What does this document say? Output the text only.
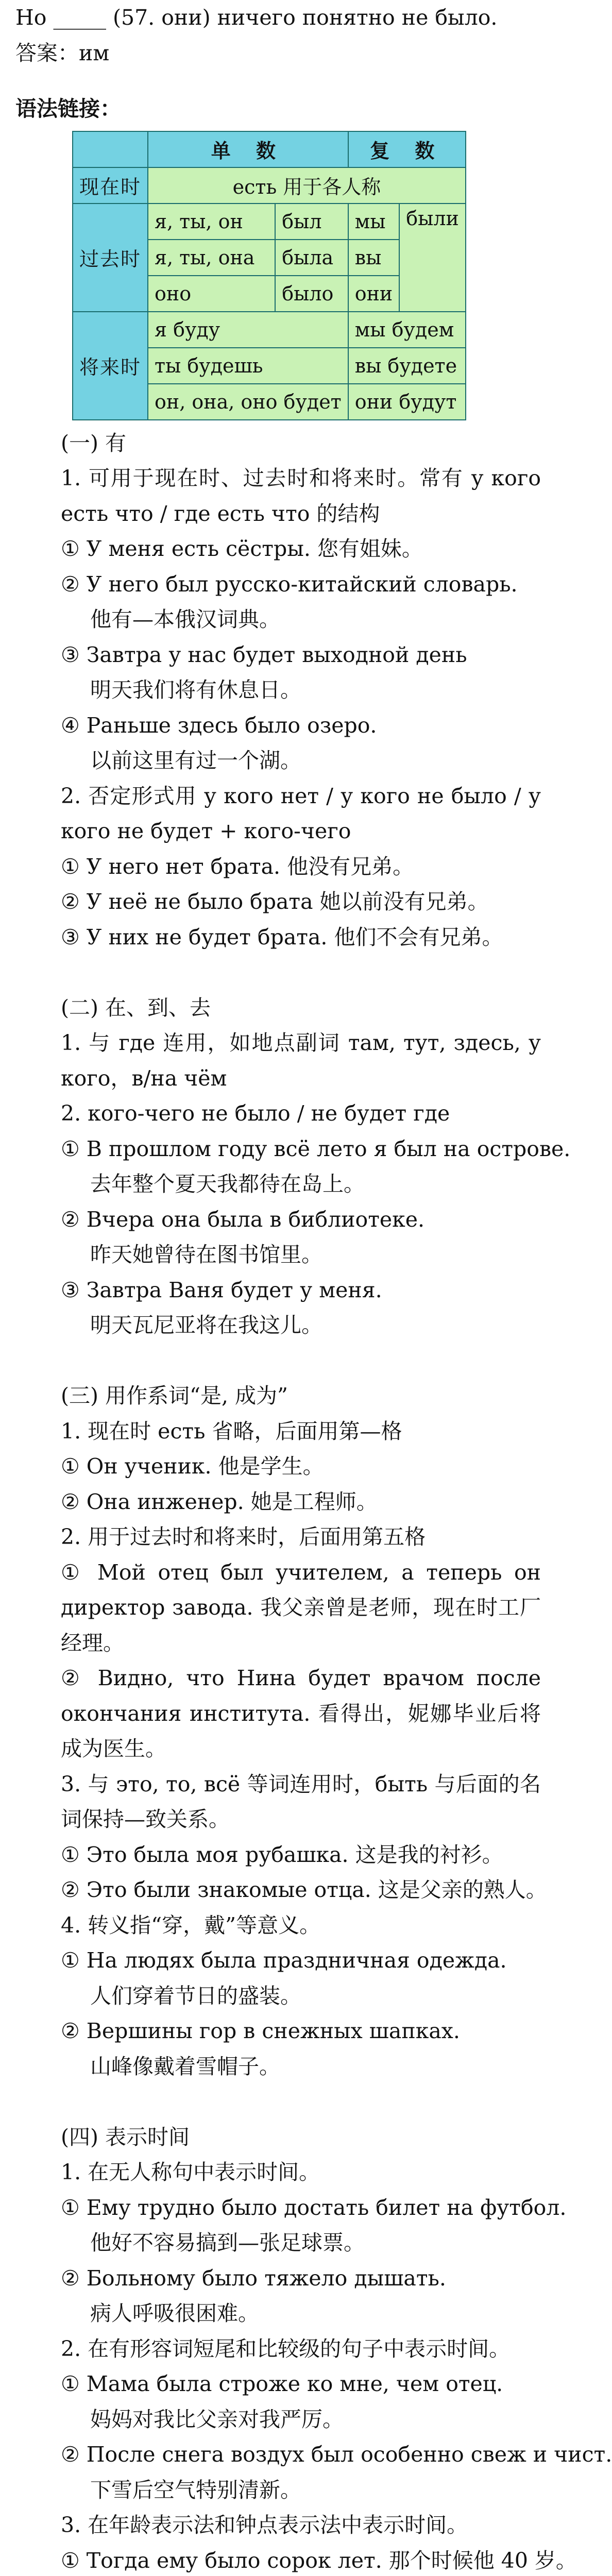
Но _____ (57. они) ничего понятно не было.
答案：им
语法链接：
	单 数		复 数	
现在时	есть 用于各人称			
过去时	я, ты, он	был	мы	были
	я, ты, она	была	вы	
	оно	было	они	
将来时	я буду		мы будем	
	ты будешь		вы будете	
	он, она, оно будет		они будут	
(一) 有
1. 可用于现在时、过去时和将来时。常有 у кого есть что / где есть что 的结构
① У меня есть сёстры. 您有姐妹。
② У него был русско-китайский словарь.
他有—本俄汉词典。
③ Завтра у нас будет выходной день
明天我们将有休息日。
④ Раньше здесь было озеро.
以前这里有过一个湖。
2. 否定形式用 у кого нет / у кого не было / у кого не будет + кого-чего
① У него нет брата. 他没有兄弟。
② У неё не было брата 她以前没有兄弟。
③ У них не будет брата. 他们不会有兄弟。
(二) 在、到、去
1. 与 где 连用，如地点副词 там, тут, здесь, у кого，в/на чём
2. кого-чего не было / не будет где
① В прошлом году всё лето я был на острове.
去年整个夏天我都待在岛上。
② Вчера она была в библиотеке.
昨天她曾待在图书馆里。
③ Завтра Ваня будет у меня.
明天瓦尼亚将在我这儿。
(三) 用作系词“是, 成为”
1. 现在时 есть 省略，后面用第—格
① Он ученик. 他是学生。
② Она инженер. 她是工程师。
2. 用于过去时和将来时，后面用第五格
① Мой отец был учителем, а теперь он директор завода. 我父亲曾是老师，现在时工厂经理。
② Видно, что Нина будет врачом после окончания института. 看得出，妮娜毕业后将成为医生。
3. 与 это, то, всё 等词连用时，быть 与后面的名词保持—致关系。
① Это была моя рубашка. 这是我的衬衫。
② Это были знакомые отца. 这是父亲的熟人。
4. 转义指“穿，戴”等意义。
① На людях была праздничная одежда.
人们穿着节日的盛装。
② Вершины гор в снежных шапках.
山峰像戴着雪帽子。
(四) 表示时间
1. 在无人称句中表示时间。
① Ему трудно было достать билет на футбол.
他好不容易搞到—张足球票。
② Больному было тяжело дышать.
病人呼吸很困难。
2. 在有形容词短尾和比较级的句子中表示时间。
① Мама была строже ко мне, чем отец.
妈妈对我比父亲对我严厉。
② После снега воздух был особенно свеж и чист.
下雪后空气特别清新。
3. 在年龄表示法和钟点表示法中表示时间。
① Тогда ему было сорок лет. 那个时候他 40 岁。
